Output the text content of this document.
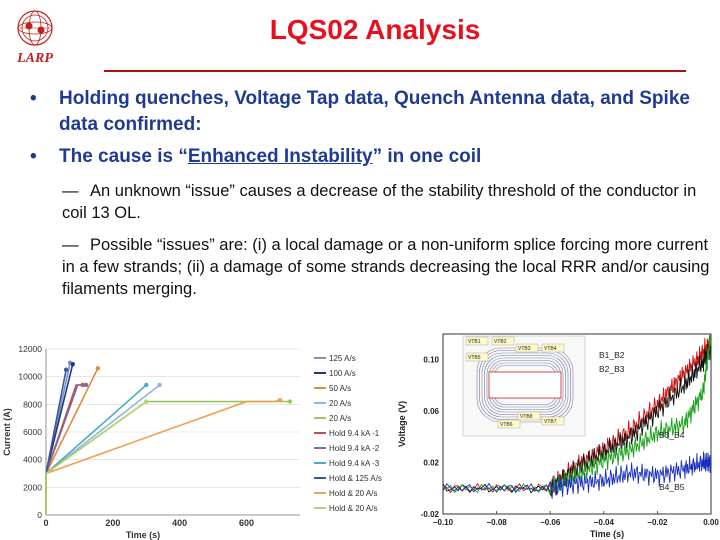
LARP
LQS02 Analysis
• Holding quenches, Voltage Tap data, Quench Antenna data, and Spike data confirmed:
• The cause is “Enhanced Instability” in one coil
— An unknown “issue” causes a decrease of the stability threshold of the conductor in coil 13 OL.
— Possible “issues” are: (i) a local damage or a non-uniform splice forcing more current in a few strands; (ii) a damage of some strands decreasing the local RRR and/or causing filaments merging.
0
2000
4000
6000
8000
10000
12000
0	200	400	600
Time (s)
Current (A)
125 A/s
100 A/s
50 A/s
20 A/s
20 A/s
Hold 9.4 kA -1
Hold 9.4 kA -2
Hold 9.4 kA -3
Hold & 125 A/s
Hold & 20 A/s
Hold & 20 A/s
-0.02
0.02
0.06
0.10
−0.10	−0.08	−0.06	−0.04	−0.02	0.00
Time (s)
Voltage (V)
B1_B2
B2_B3
B3_B4
B4_B5
VTB1	VTB2
VTB3	VTB4
VTB5
VTB6	VTB7
VTB8
